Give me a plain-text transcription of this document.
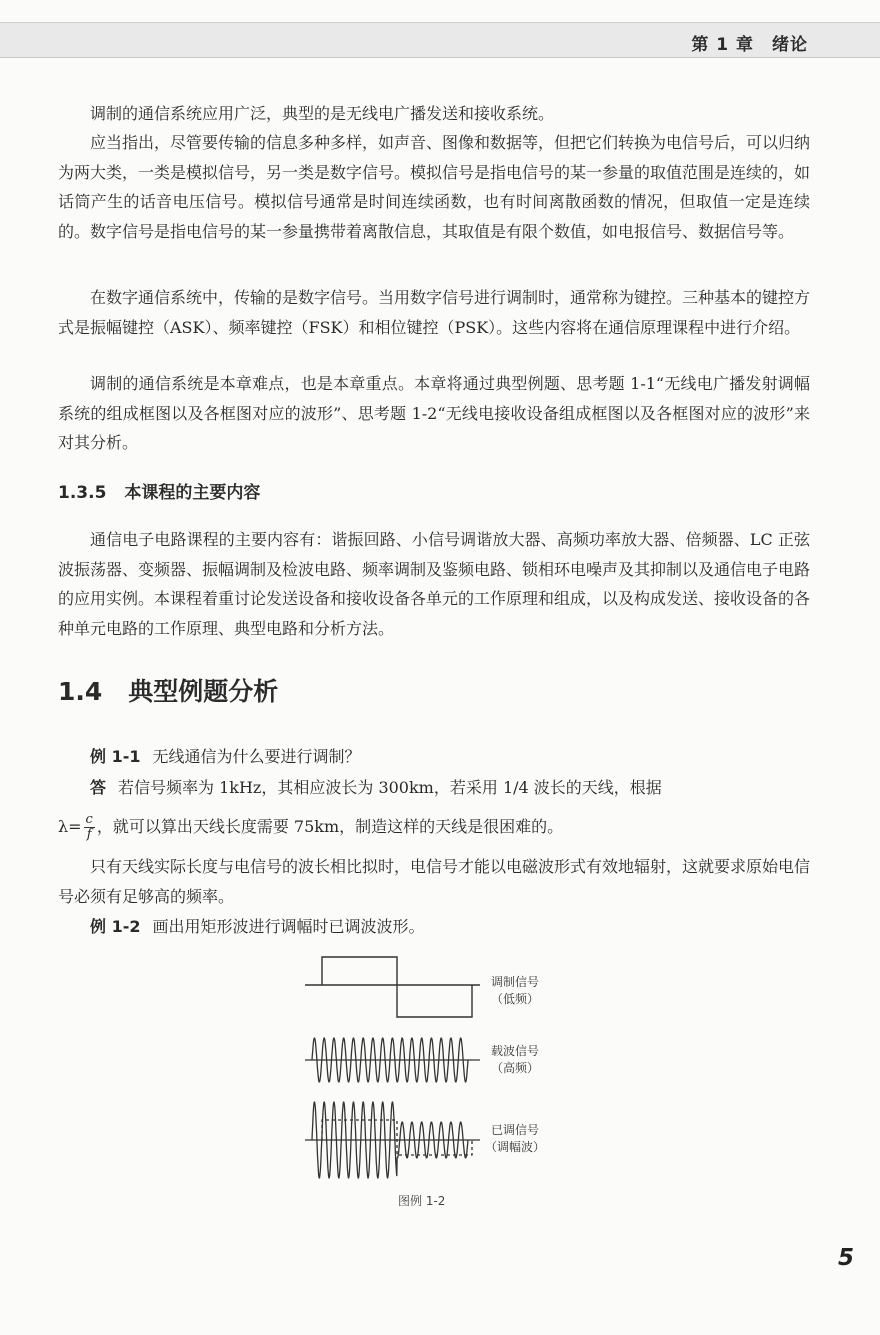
第 1 章　绪论

调制的通信系统应用广泛，典型的是无线电广播发送和接收系统。

应当指出，尽管要传输的信息多种多样，如声音、图像和数据等，但把它们转换为电信号后，可以归纳为两大类，一类是模拟信号，另一类是数字信号。模拟信号是指电信号的某一参量的取值范围是连续的，如话筒产生的话音电压信号。模拟信号通常是时间连续函数，也有时间离散函数的情况，但取值一定是连续的。数字信号是指电信号的某一参量携带着离散信息，其取值是有限个数值，如电报信号、数据信号等。

在数字通信系统中，传输的是数字信号。当用数字信号进行调制时，通常称为键控。三种基本的键控方式是振幅键控（ASK）、频率键控（FSK）和相位键控（PSK）。这些内容将在通信原理课程中进行介绍。

调制的通信系统是本章难点，也是本章重点。本章将通过典型例题、思考题 1-1“无线电广播发射调幅系统的组成框图以及各框图对应的波形”、思考题 1-2“无线电接收设备组成框图以及各框图对应的波形”来对其分析。

1.3.5 本课程的主要内容

通信电子电路课程的主要内容有：谐振回路、小信号调谐放大器、高频功率放大器、倍频器、LC 正弦波振荡器、变频器、振幅调制及检波电路、频率调制及鉴频电路、锁相环电噪声及其抑制以及通信电子电路的应用实例。本课程着重讨论发送设备和接收设备各单元的工作原理和组成，以及构成发送、接收设备的各种单元电路的工作原理、典型电路和分析方法。

1.4 典型例题分析

例 1-1 无线通信为什么要进行调制？

答 若信号频率为 1kHz，其相应波长为 300km，若采用 1/4 波长的天线，根据

$\lambda= \frac{c}{f}$ ，就可以算出天线长度需要 75km，制造这样的天线是很困难的。

只有天线实际长度与电信号的波长相比拟时，电信号才能以电磁波形式有效地辐射，这就要求原始电信号必须有足够高的频率。

例 1-2 画出用矩形波进行调幅时已调波波形。

调制信号
（低频）
载波信号
（高频）
已调信号
（调幅波）
图例 1-2
5
